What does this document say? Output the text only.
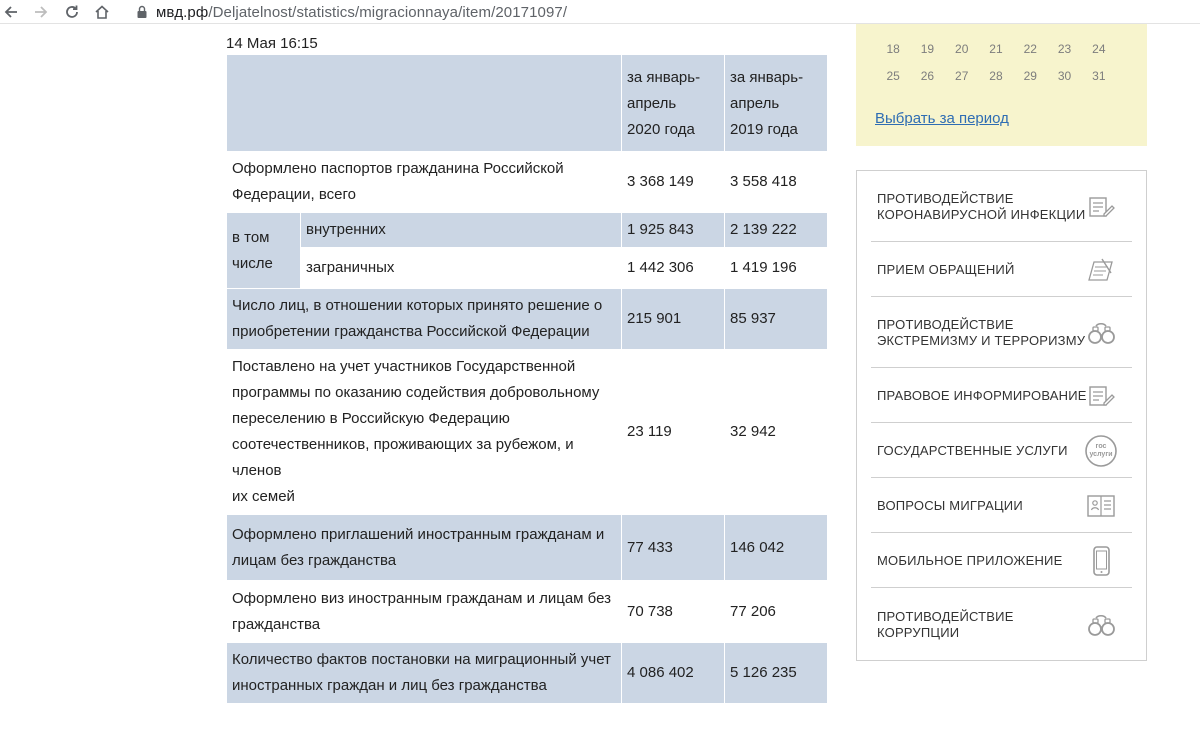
мвд.рф/Deljatelnost/statistics/migracionnaya/item/20171097/
14 Мая 16:15

		за январь-
апрель
2020 года	за январь-
апрель
2019 года

Оформлено паспортов гражданина Российской
Федерации, всего		3 368 149	3 558 418

в том
числе	внутренних	1 925 843	2 139 222
	заграничных	1 442 306	1 419 196

Число лиц, в отношении которых принято решение о
приобретении гражданства Российской Федерации		215 901	85 937

Поставлено на учет участников Государственной
программы по оказанию содействия добровольному
переселению в Российскую Федерацию
соотечественников, проживающих за рубежом, и членов
их семей		23 119	32 942

Оформлено приглашений иностранным гражданам и
лицам без гражданства		77 433	146 042

Оформлено виз иностранным гражданам и лицам без
гражданства		70 738	77 206

Количество фактов постановки на миграционный учет
иностранных граждан и лиц без гражданства		4 086 402	5 126 235

18	19	20	21	22	23	24
25	26	27	28	29	30	31
Выбрать за период
ПРОТИВОДЕЙСТВИЕ
КОРОНАВИРУСНОЙ ИНФЕКЦИИ
ПРИЕМ ОБРАЩЕНИЙ
ПРОТИВОДЕЙСТВИЕ
ЭКСТРЕМИЗМУ И ТЕРРОРИЗМУ
ПРАВОВОЕ ИНФОРМИРОВАНИЕ
ГОСУДАРСТВЕННЫЕ УСЛУГИ	гос
услуги
ВОПРОСЫ МИГРАЦИИ
МОБИЛЬНОЕ ПРИЛОЖЕНИЕ
ПРОТИВОДЕЙСТВИЕ
КОРРУПЦИИ
